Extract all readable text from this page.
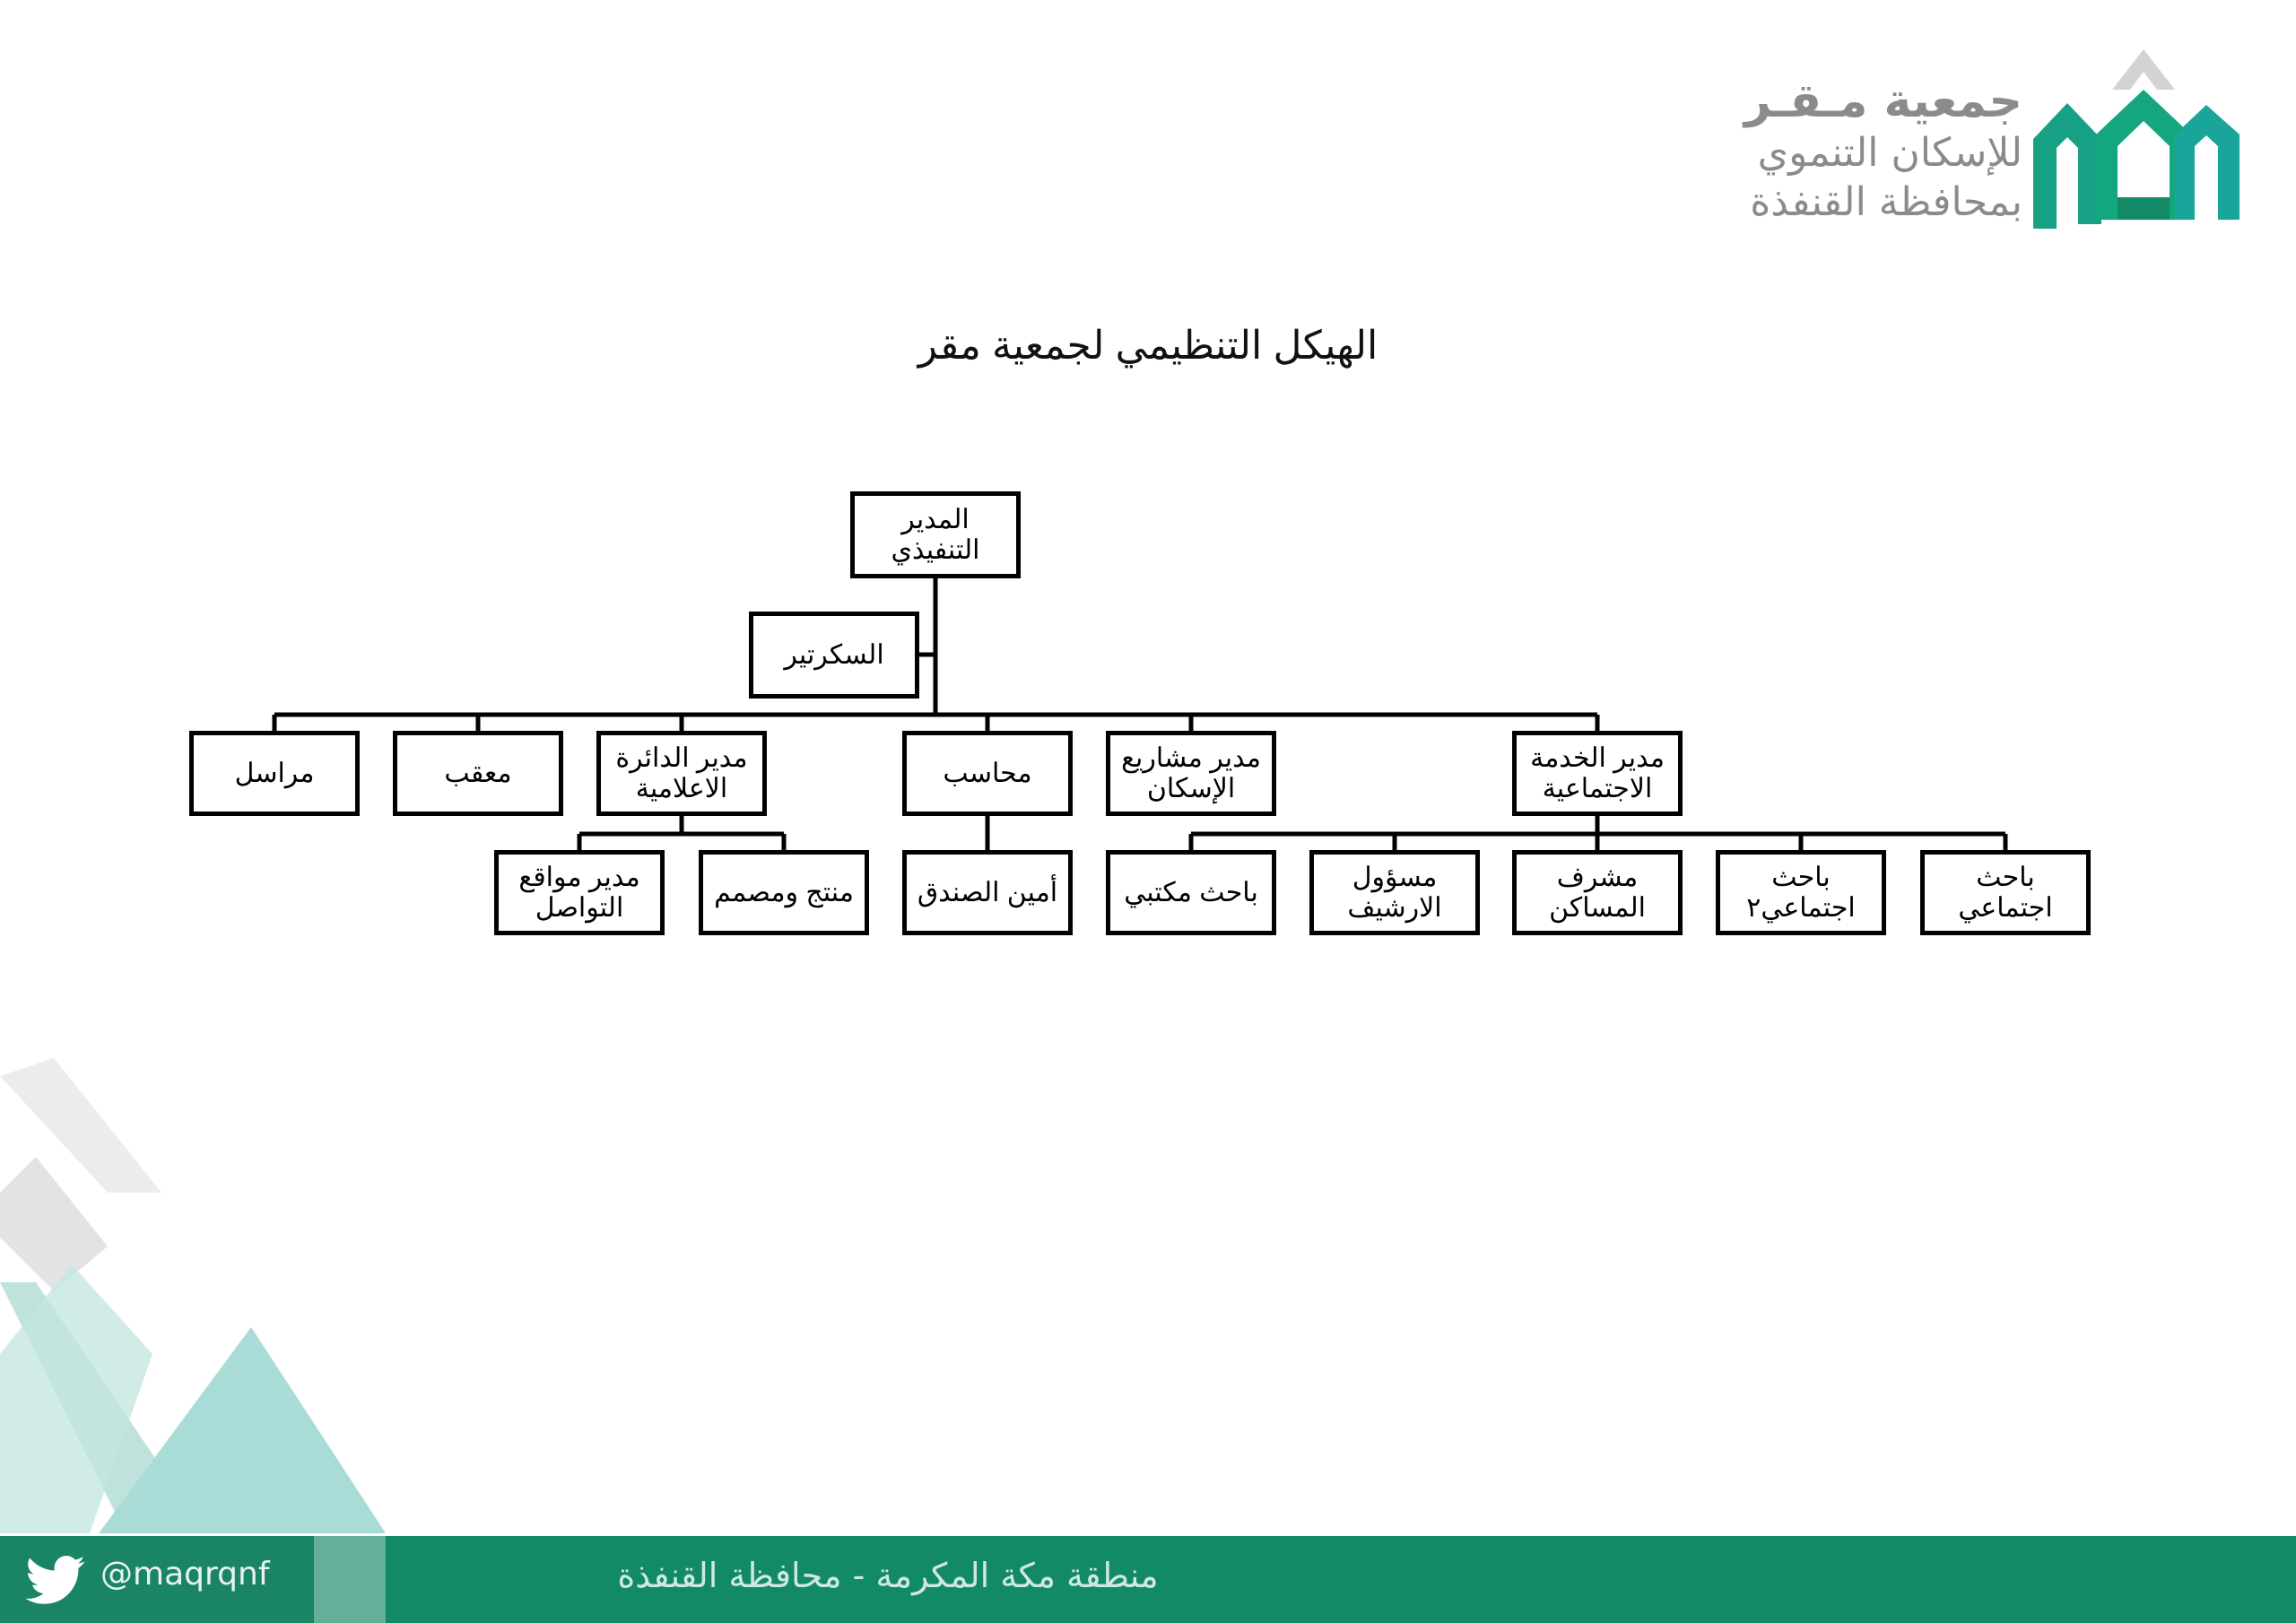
جمعية مـقـر
للإسكان التنموي
بمحافظة القنفذة
الهيكل التنظيمي لجمعية مقر
المدير التنفيذي
السكرتير
مراسل	معقب
مدير الدائرة
الاعلامية
محاسب
مدير مشاريع
الإسكان
مدير الخدمة
الاجتماعية
مدير مواقع
التواصل
منتج ومصمم	أمين الصندق	باحث مكتبي
مسؤول
الارشيف
مشرف المساكن
باحث
اجتماعي٢
باحث اجتماعي
@maqrqnf	منطقة مكة المكرمة - محافظة القنفذة
